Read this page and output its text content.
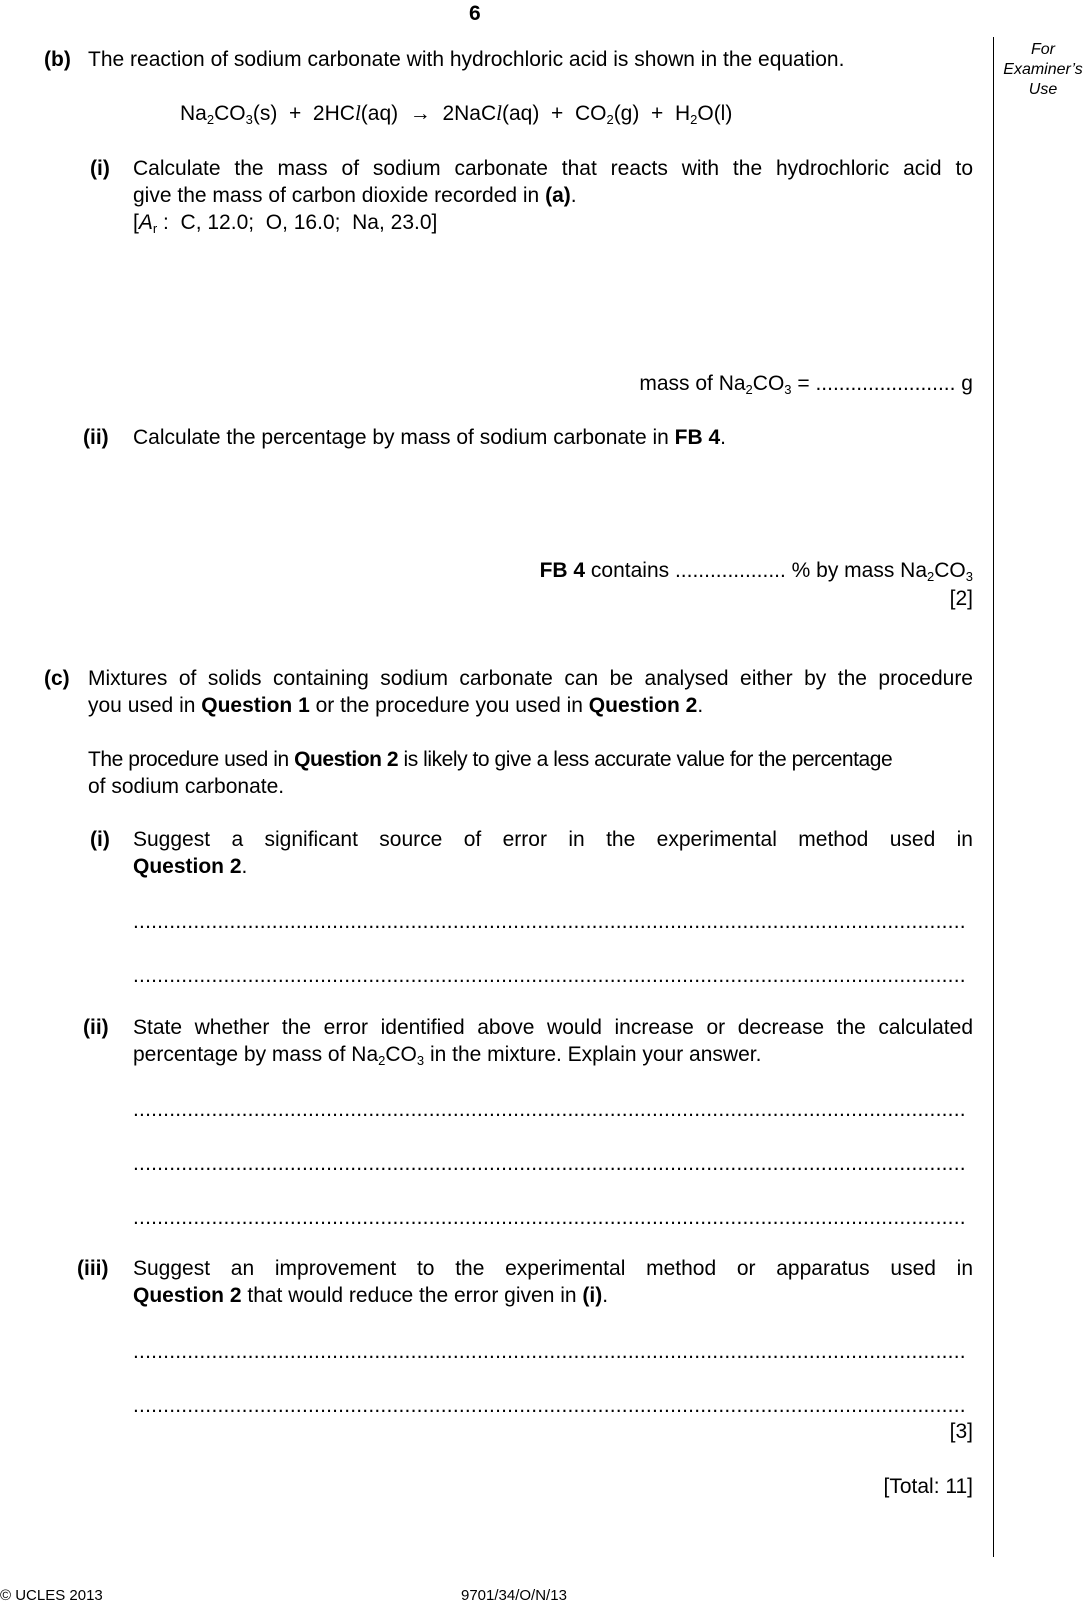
6
For
Examiner’s
Use
(b) The reaction of sodium carbonate with hydrochloric acid is shown in the equation.
$Na_2CO_3(s) + 2HCl(aq)$  →  2NaCl(aq)  +  $CO_2(g) + H_2O(l)$
(i) Calculate the mass of sodium carbonate that reacts with the hydrochloric acid to
give the mass of carbon dioxide recorded in (a).
[$A_r$ :  C, 12.0;  O, 16.0;  Na, 23.0]
mass of $Na_2CO_3$ = ........................ g
(ii) Calculate the percentage by mass of sodium carbonate in FB 4.
FB 4 contains ................... % by mass $Na_2CO_3$
[2]
(c) Mixtures of solids containing sodium carbonate can be analysed either by the procedure
you used in Question 1 or the procedure you used in Question 2.
The procedure used in Question 2 is likely to give a less accurate value for the percentage
of sodium carbonate.
(i) Suggest  a  significant  source  of  error  in  the  experimental  method  used  in
Question 2.
..........................................................................................................................................
..........................................................................................................................................
(ii) State whether the error identified above would increase or decrease the calculated
percentage by mass of $Na_2CO_3$ in the mixture. Explain your answer.
..........................................................................................................................................
..........................................................................................................................................
..........................................................................................................................................
(iii) Suggest  an  improvement  to  the  experimental  method  or  apparatus  used  in
Question 2 that would reduce the error given in (i).
..........................................................................................................................................
..........................................................................................................................................
[3]
[Total: 11]
© UCLES 2013	9701/34/O/N/13
